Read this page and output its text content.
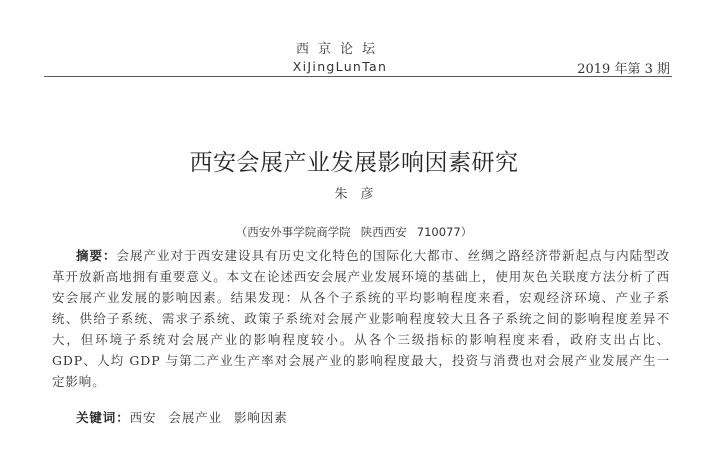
西京论坛
XiJingLunTan	2019 年第 3 期
西安会展产业发展影响因素研究
朱彦
（西安外事学院商学院 陕西西安 710077）

摘要：会展产业对于西安建设具有历史文化特色的国际化大都市、丝绸之路经济带新起点与内陆型改革开放新高地拥有重要意义。本文在论述西安会展产业发展环境的基础上，使用灰色关联度方法分析了西安会展产业发展的影响因素。结果发现：从各个子系统的平均影响程度来看，宏观经济环境、产业子系统、供给子系统、需求子系统、政策子系统对会展产业影响程度较大且各子系统之间的影响程度差异不大，但环境子系统对会展产业的影响程度较小。从各个三级指标的影响程度来看，政府支出占比、GDP、人均 GDP 与第二产业生产率对会展产业的影响程度最大，投资与消费也对会展产业发展产生一定影响。

关键词：西安 会展产业 影响因素
